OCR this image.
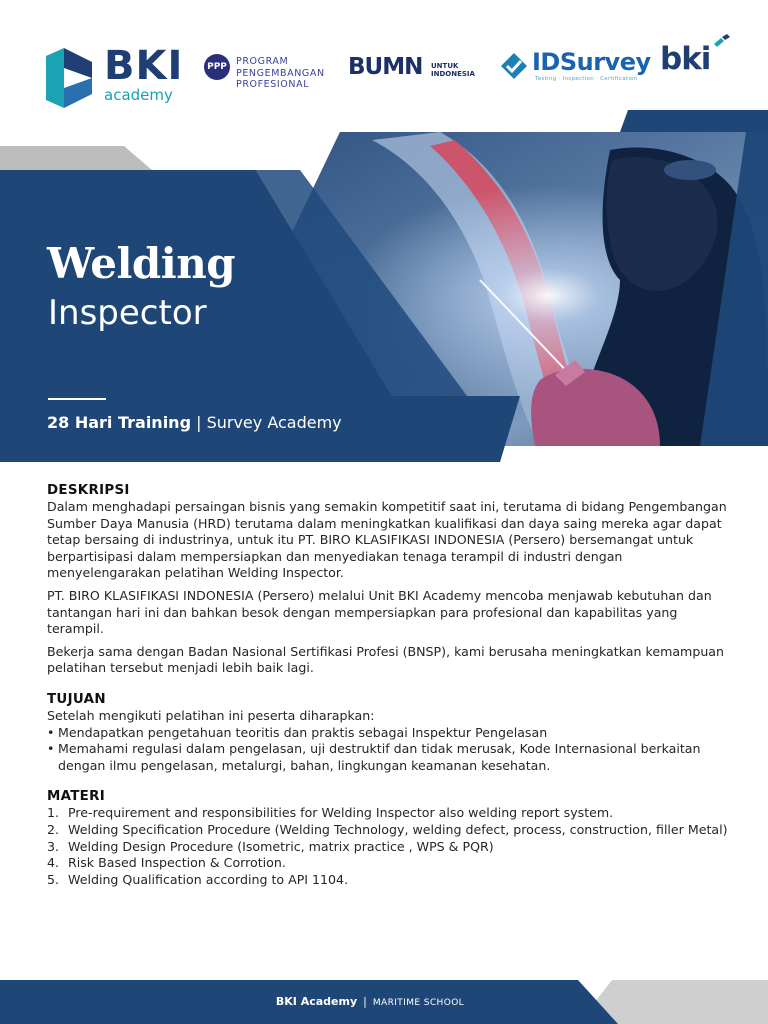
BKI
academy
PPP PROGRAM
PENGEMBANGAN
PROFESIONAL
BUMN UNTUK
INDONESIA IDSurvey
Testing · Inspection · Certification
bki
Welding
Inspector
28 Hari Training | Survey Academy
DESKRIPSI

Dalam menghadapi persaingan bisnis yang semakin kompetitif saat ini, terutama di bidang Pengembangan Sumber Daya Manusia (HRD) terutama dalam meningkatkan kualifikasi dan daya saing mereka agar dapat tetap bersaing di industrinya, untuk itu PT. BIRO KLASIFIKASI INDONESIA (Persero) bersemangat untuk berpartisipasi dalam mempersiapkan dan menyediakan tenaga terampil di industri dengan menyelengarakan pelatihan Welding Inspector.

PT. BIRO KLASIFIKASI INDONESIA (Persero) melalui Unit BKI Academy mencoba menjawab kebutuhan dan tantangan hari ini dan bahkan besok dengan mempersiapkan para profesional dan kapabilitas yang terampil.

Bekerja sama dengan Badan Nasional Sertifikasi Profesi (BNSP), kami berusaha meningkatkan kemampuan pelatihan tersebut menjadi lebih baik lagi.

TUJUAN

Setelah mengikuti pelatihan ini peserta diharapkan:

• Mendapatkan pengetahuan teoritis dan praktis sebagai Inspektur Pengelasan
• Memahami regulasi dalam pengelasan, uji destruktif dan tidak merusak, Kode Internasional berkaitan dengan ilmu pengelasan, metalurgi, bahan, lingkungan keamanan kesehatan.
MATERI
1. Pre-requirement and responsibilities for Welding Inspector also welding report system.
2. Welding Specification Procedure (Welding Technology, welding defect, process, construction, filler Metal)
3. Welding Design Procedure (Isometric, matrix practice , WPS & PQR)
4. Risk Based Inspection & Corrotion.
5. Welding Qualification according to API 1104.
BKI Academy | MARITIME SCHOOL
